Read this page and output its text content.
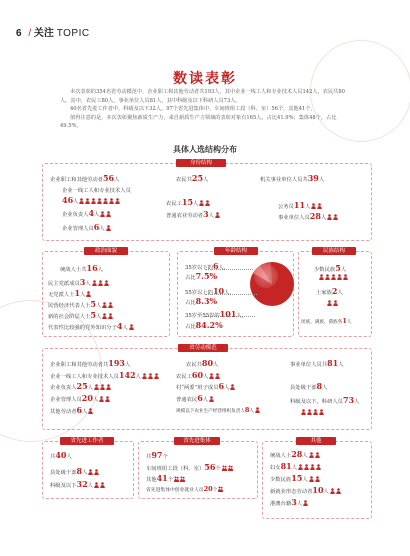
6 / 关注 TOPIC
数读表彰

本次表彰的354名省劳动模范中，企业职工和其他劳动者共193人，其中企业一线工人和专业技术人员142人，农民共80人。其中，农民工80人，事业单位人员81人，其中科级及以下科研人员73人。

40名省先进工作者中，科级及以下32人。97个省先进集体中，车间班组工段（科、室）56个，其他41个。

值得注意的是，本次表彰聚焦新质生产力，来自新质生产力领域的表彰对象有165人，占比41.9%；集体48个，占比49.5%。

具体人选结构分布
身份结构
企业职工和其他劳动者56人
企业一线工人和专业技术人员
46人
企业负责人4人
企业管理人员6人
农民共25人
农民工15人
普通农业劳动者3人
机关事业单位人员共39人
公务员11人
事业单位人员28人
政治面貌
统战人士共16人
民主党派成员3人
无党派人士1人
民营经济代表人士5人
新的社会阶层人士5人
代表性比较强的党外知识分子4人
年龄结构
35岁以下的6人，
占比7.5%
55岁以上的10人，
占比8.3%
35岁至55岁的101人，
占比84.2%
民族结构
少数民族5人
土家族2人
瑶族、满族、畲族各1人
省劳动模范
企业职工和其他劳动者共193人
企业一线工人和专业技术人员142人
企业负责人25人
企业管理人员20人
其他劳动者6人
农民共80人
农民工60人
村“两委”班子成员6人
普通农民6人
规模以下农业生产经营组织负责人8人
事业单位人员共81人
县处级干部8人
科级及以下，科研人员73人
省先进工作者
共40人
县处级干部8人
科级及以下32人
省先进集体
共97个
车间班组工段（科、室）56个
其他41个
省先进集体中创业就业人员20个
其他
统战人士28人
妇女81人
少数民族15人
新就业形态劳动者10人
港澳台籍3人
